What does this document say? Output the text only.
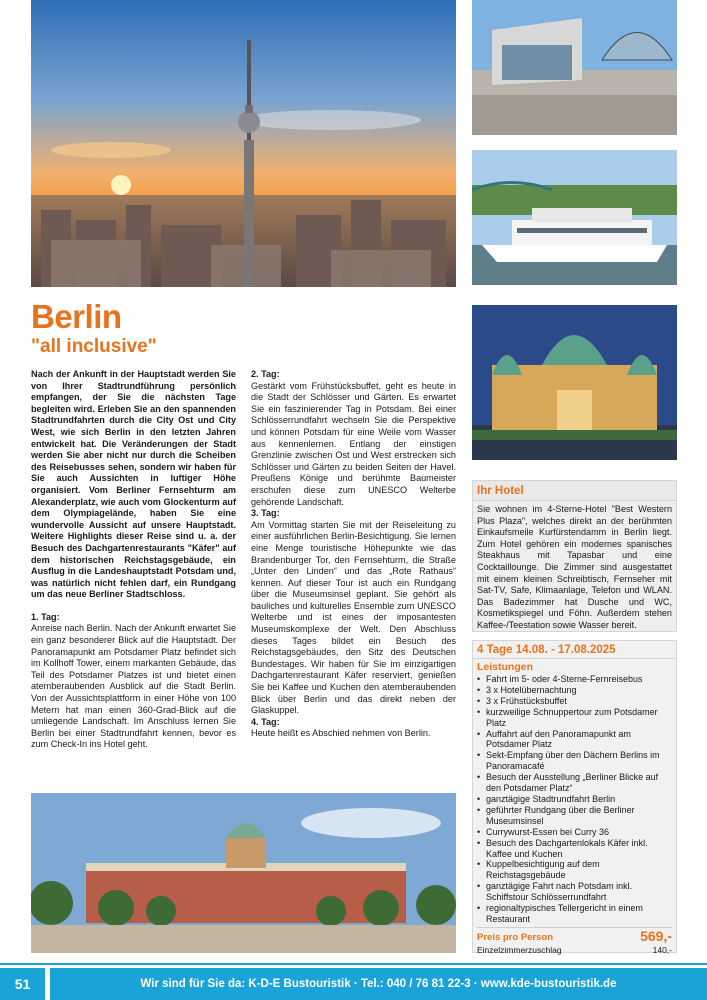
Berlin
"all inclusive"

Nach der Ankunft in der Hauptstadt werden Sie von Ihrer Stadtrundführung persönlich empfangen, der Sie die nächsten Tage begleiten wird. Erleben Sie an den spannenden Stadtrundfahrten durch die City Ost und City West, wie sich Berlin in den letzten Jahren entwickelt hat. Die Veränderungen der Stadt werden Sie aber nicht nur durch die Scheiben des Reisebusses sehen, sondern wir haben für Sie auch Aussichten in luftiger Höhe organisiert. Vom Berliner Fernsehturm am Alexanderplatz, wie auch vom Glockenturm auf dem Olympiagelände, haben Sie eine wundervolle Aussicht auf unsere Hauptstadt. Weitere Highlights dieser Reise sind u. a. der Besuch des Dachgartenrestaurants "Käfer" auf dem historischen Reichstagsgebäude, ein Ausflug in die Landeshauptstadt Potsdam und, was natürlich nicht fehlen darf, ein Rundgang um das neue Berliner Stadtschloss.

1. Tag:

Anreise nach Berlin. Nach der Ankunft erwartet Sie ein ganz besonderer Blick auf die Hauptstadt. Der Panoramapunkt am Potsdamer Platz befindet sich im Kollhoff Tower, einem markanten Gebäude, das Teil des Potsdamer Platzes ist und bietet einen atemberaubenden Ausblick auf die Stadt Berlin. Von der Aussichtsplattform in einer Höhe von 100 Metern hat man einen 360-Grad-Blick auf die umliegende Landschaft. Im Anschluss lernen Sie Berlin bei einer Stadtrundfahrt kennen, bevor es zum Check-In ins Hotel geht.

2. Tag:

Gestärkt vom Frühstücksbuffet, geht es heute in die Stadt der Schlösser und Gärten. Es erwartet Sie ein faszinierender Tag in Potsdam. Bei einer Schlösserrundfahrt wechseln Sie die Perspektive und können Potsdam für eine Weile vom Wasser aus kennenlernen. Entlang der einstigen Grenzlinie zwischen Ost und West erstrecken sich Schlösser und Gärten zu beiden Seiten der Havel. Preußens Könige und berühmte Baumeister erschufen diese zum UNESCO Welterbe gehörende Landschaft.

3. Tag:

Am Vormittag starten Sie mit der Reiseleitung zu einer ausführlichen Berlin-Besichtigung. Sie lernen eine Menge touristische Höhepunkte wie das Brandenburger Tor, den Fernsehturm, die Straße „Unter den Linden“ und das „Rote Rathaus“ kennen. Auf dieser Tour ist auch ein Rundgang über die Museumsinsel geplant. Sie gehört als bauliches und kulturelles Ensemble zum UNESCO Welterbe und ist eines der imposantesten Museumskomplexe der Welt. Den Abschluss dieses Tages bildet ein Besuch des Reichstagsgebäudes, den Sitz des Deutschen Bundestages. Wir haben für Sie im einzigartigen Dachgartenrestaurant Käfer reserviert, genießen Sie bei Kaffee und Kuchen den atemberaubenden Blick über Berlin und das direkt neben der Glaskuppel.

4. Tag:

Heute heißt es Abschied nehmen von Berlin.

Ihr Hotel
Sie wohnen im 4-Sterne-Hotel "Best Western Plus Plaza", welches direkt an der berühmten Einkaufsmeile Kurfürstendamm in Berlin liegt. Zum Hotel gehören ein modernes spanisches Steakhaus mit Tapasbar und eine Cocktaillounge. Die Zimmer sind ausgestattet mit einem kleinen Schreibtisch, Fernseher mit Sat-TV, Safe, Klimaanlage, Telefon und WLAN. Das Badezimmer hat Dusche und WC, Kosmetikspiegel und Föhn. Außerdem stehen Kaffee-/Teestation sowie Wasser bereit.
4 Tage 14.08. - 17.08.2025
Leistungen
• Fahrt im 5- oder 4-Sterne-Fernreisebus
• 3 x Hotelübernachtung
• 3 x Frühstücksbuffet
• kurzweilige Schnuppertour zum Potsdamer Platz
• Auffahrt auf den Panoramapunkt am Potsdamer Platz
• Sekt-Empfang über den Dächern Berlins im Panoramacafé
• Besuch der Ausstellung „Berliner Blicke auf den Potsdamer Platz“
• ganztägige Stadtrundfahrt Berlin
• geführter Rundgang über die Berliner Museumsinsel
• Currywurst-Essen bei Curry 36
• Besuch des Dachgartenlokals Käfer inkl. Kaffee und Kuchen
• Kuppelbesichtigung auf dem Reichstagsgebäude
• ganztägige Fahrt nach Potsdam inkl. Schiffstour Schlösserrundfahrt
• regionaltypisches Tellergericht in einem Restaurant
Preis pro Person	569,-
Einzelzimmerzuschlag	140,-
51	Wir sind für Sie da: K-D-E Bustouristik · Tel.: 040 / 76 81 22-3 · www.kde-bustouristik.de
